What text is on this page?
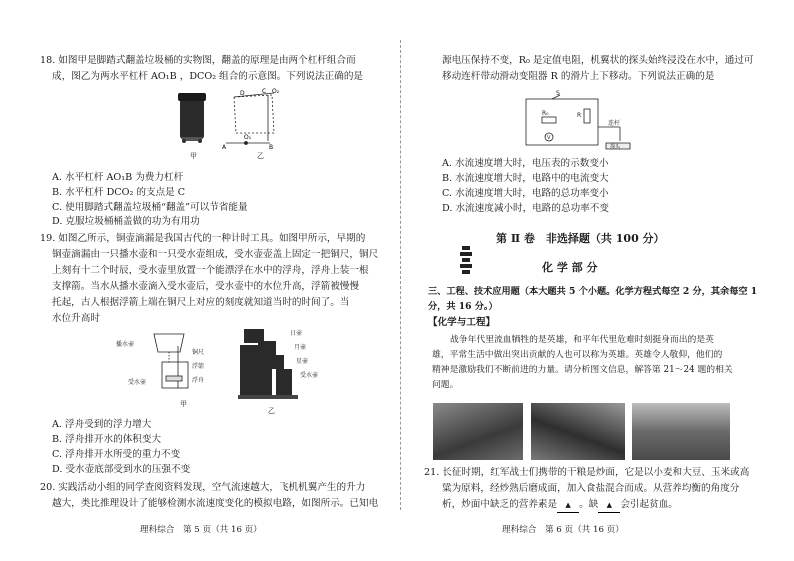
18. 如图甲是脚踏式翻盖垃圾桶的实物图，翻盖的原理是由两个杠杆组合而
成，图乙为两水平杠杆 AO₁B ，DCO₂ 组合的示意图。下列说法正确的是
O₂
O₁
A	B
C
D
甲	乙
A. 水平杠杆 AO₁B 为费力杠杆
B. 水平杠杆 DCO₂ 的支点是 C
C. 使用脚踏式翻盖垃圾桶“翻盖”可以节省能量
D. 克服垃圾桶桶盖做的功为有用功
19. 如图乙所示，铜壶滴漏是我国古代的一种计时工具。如图甲所示，早期的
铜壶滴漏由一只播水壶和一只受水壶组成，受水壶壶盖上固定一把铜尺，铜尺
上刻有十二个时辰，受水壶里放置一个能漂浮在水中的浮舟，浮舟上装一根
支撑箭。当水从播水壶滴入受水壶后，受水壶中的水位升高，浮箭被慢慢
托起，古人根据浮箭上端在铜尺上对应的刻度就知道当时的时间了。当
水位升高时
播水壶
铜尺
浮箭
浮舟
受水壶
日壶
月壶
星壶
受水壶
甲
乙
A. 浮舟受到的浮力增大
B. 浮舟排开水的体积变大
C. 浮舟排开水所受的重力不变
D. 受水壶底部受到水的压强不变
20. 实践活动小组的同学查阅资料发现，空气流速越大，飞机机翼产生的升力
越大，类比推理设计了能够检测水流速度变化的模拟电路，如图所示。已知电
理科综合　第 5 页（共 16 页）
源电压保持不变，R₀ 是定值电阻，机翼状的探头始终浸没在水中，通过可
移动连杆带动滑动变阻器 R 的滑片上下移动。下列说法正确的是
S
R
R₀
V
连杆
探头
A. 水流速度增大时，电压表的示数变小
B. 水流速度增大时，电路中的电流变大
C. 水流速度增大时，电路的总功率变小
D. 水流速度减小时，电路的总功率不变
第 Ⅱ 卷　非选择题（共 100 分）
化 学 部 分
三、工程、技术应用题（本大题共 5 个小题。化学方程式每空 2 分，其余每空 1
分，共 16 分。）
【化学与工程】
战争年代里流血牺牲的是英雄，和平年代里危难时刻挺身而出的是英
雄，平常生活中做出突出贡献的人也可以称为英雄。英雄令人敬仰，他们的
精神是激励我们不断前进的力量。请分析图文信息，解答第 21～24 题的相关
问题。
21. 长征时期，红军战士们携带的干粮是炒面，它是以小麦和大豆、玉米或高
粱为原料，经炒熟后磨成面，加入食盐混合而成。从营养均衡的角度分
析，炒面中缺乏的营养素是 ▲ 。缺 ▲ 会引起贫血。
理科综合　第 6 页（共 16 页）
